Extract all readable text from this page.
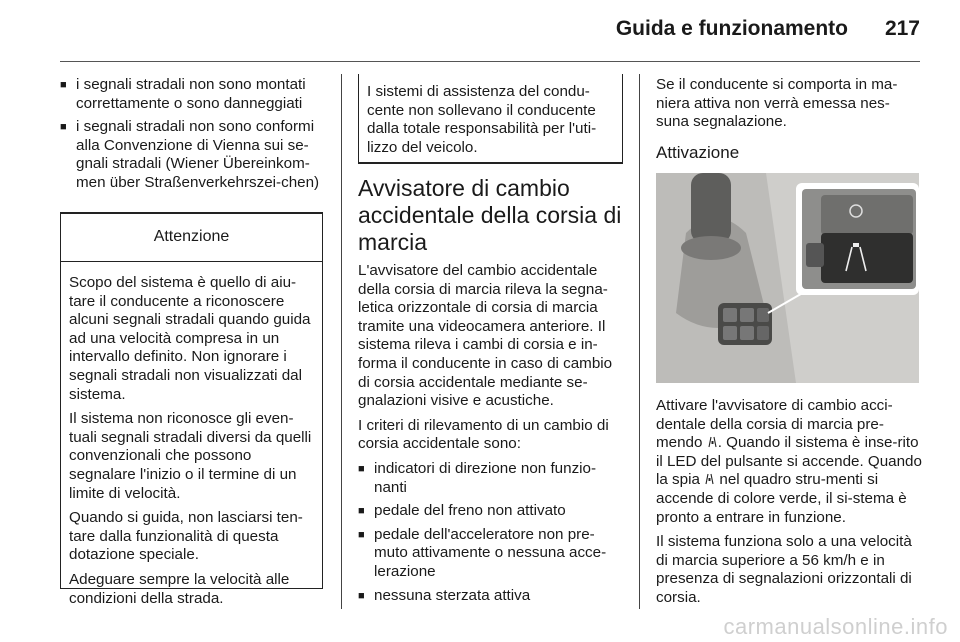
Guida e funzionamento 217
■ i segnali stradali non sono montati correttamente o sono danneggiati
■ i segnali stradali non sono conformi alla Convenzione di Vienna sui se-gnali stradali (Wiener Übereinkom-men über Straßenverkehrszei-chen)
Attenzione

Scopo del sistema è quello di aiu-tare il conducente a riconoscere alcuni segnali stradali quando guida ad una velocità compresa in un intervallo definito. Non ignorare i segnali stradali non visualizzati dal sistema.

Il sistema non riconosce gli even-tuali segnali stradali diversi da quelli convenzionali che possono segnalare l'inizio o il termine di un limite di velocità.

Quando si guida, non lasciarsi ten-tare dalla funzionalità di questa dotazione speciale.

Adeguare sempre la velocità alle condizioni della strada.

I sistemi di assistenza del condu-cente non sollevano il conducente dalla totale responsabilità per l'uti-lizzo del veicolo.

Avvisatore di cambio accidentale della corsia di marcia

L'avvisatore del cambio accidentale della corsia di marcia rileva la segna-letica orizzontale di corsia di marcia tramite una videocamera anteriore. Il sistema rileva i cambi di corsia e in-forma il conducente in caso di cambio di corsia accidentale mediante se-gnalazioni visive e acustiche.

I criteri di rilevamento di un cambio di corsia accidentale sono:

■ indicatori di direzione non funzio-nanti
■ pedale del freno non attivato
■ pedale dell'acceleratore non pre-muto attivamente o nessuna acce-lerazione
■ nessuna sterzata attiva

Se il conducente si comporta in ma-niera attiva non verrà emessa nes-suna segnalazione.

Attivazione

Attivare l'avvisatore di cambio acci-dentale della corsia di marcia pre-mendo . Quando il sistema è inse-rito il LED del pulsante si accende. Quando la spia nel quadro stru-menti si accende di colore verde, il si-stema è pronto a entrare in funzione.

Il sistema funziona solo a una velocità di marcia superiore a 56 km/h e in presenza di segnalazioni orizzontali di corsia.

carmanualsonline.info
